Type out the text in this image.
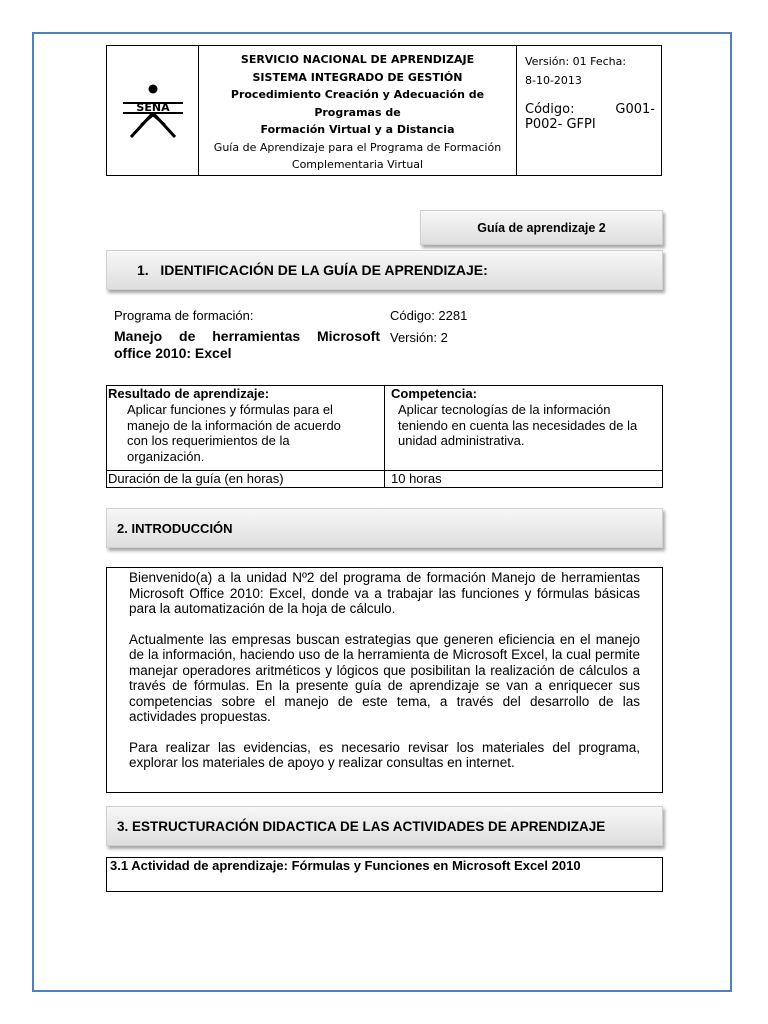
SENA
SERVICIO NACIONAL DE APRENDIZAJE
SISTEMA INTEGRADO DE GESTIÓN
Procedimiento Creación y Adecuación de
Programas de
Formación Virtual y a Distancia
Guía de Aprendizaje para el Programa de Formación
Complementaria Virtual
Versión: 01 Fecha:
8-10-2013
Código: G001- P002- GFPI
Guía de aprendizaje 2
1.   IDENTIFICACIÓN DE LA GUÍA DE APRENDIZAJE:
Programa de formación:
Manejo de herramientas Microsoft office 2010: Excel
Código: 2281
Versión: 2
Resultado de aprendizaje:
Aplicar funciones y fórmulas para el manejo de la información de acuerdo con los requerimientos de la organización.
Competencia:
Aplicar tecnologías de la información teniendo en cuenta las necesidades de la unidad administrativa.
Duración de la guía (en horas)	10 horas
2. INTRODUCCIÓN

Bienvenido(a) a la unidad Nº2 del programa de formación Manejo de herramientas Microsoft Office 2010: Excel, donde va a trabajar las funciones y fórmulas básicas para la automatización de la hoja de cálculo.

Actualmente las empresas buscan estrategias que generen eficiencia en el manejo de la información, haciendo uso de la herramienta de Microsoft Excel, la cual permite manejar operadores aritméticos y lógicos que posibilitan la realización de cálculos a través de fórmulas. En la presente guía de aprendizaje se van a enriquecer sus competencias sobre el manejo de este tema, a través del desarrollo de las actividades propuestas.

Para realizar las evidencias, es necesario revisar los materiales del programa, explorar los materiales de apoyo y realizar consultas en internet.

3. ESTRUCTURACIÓN DIDACTICA DE LAS ACTIVIDADES DE APRENDIZAJE
3.1 Actividad de aprendizaje: Fórmulas y Funciones en Microsoft Excel 2010
